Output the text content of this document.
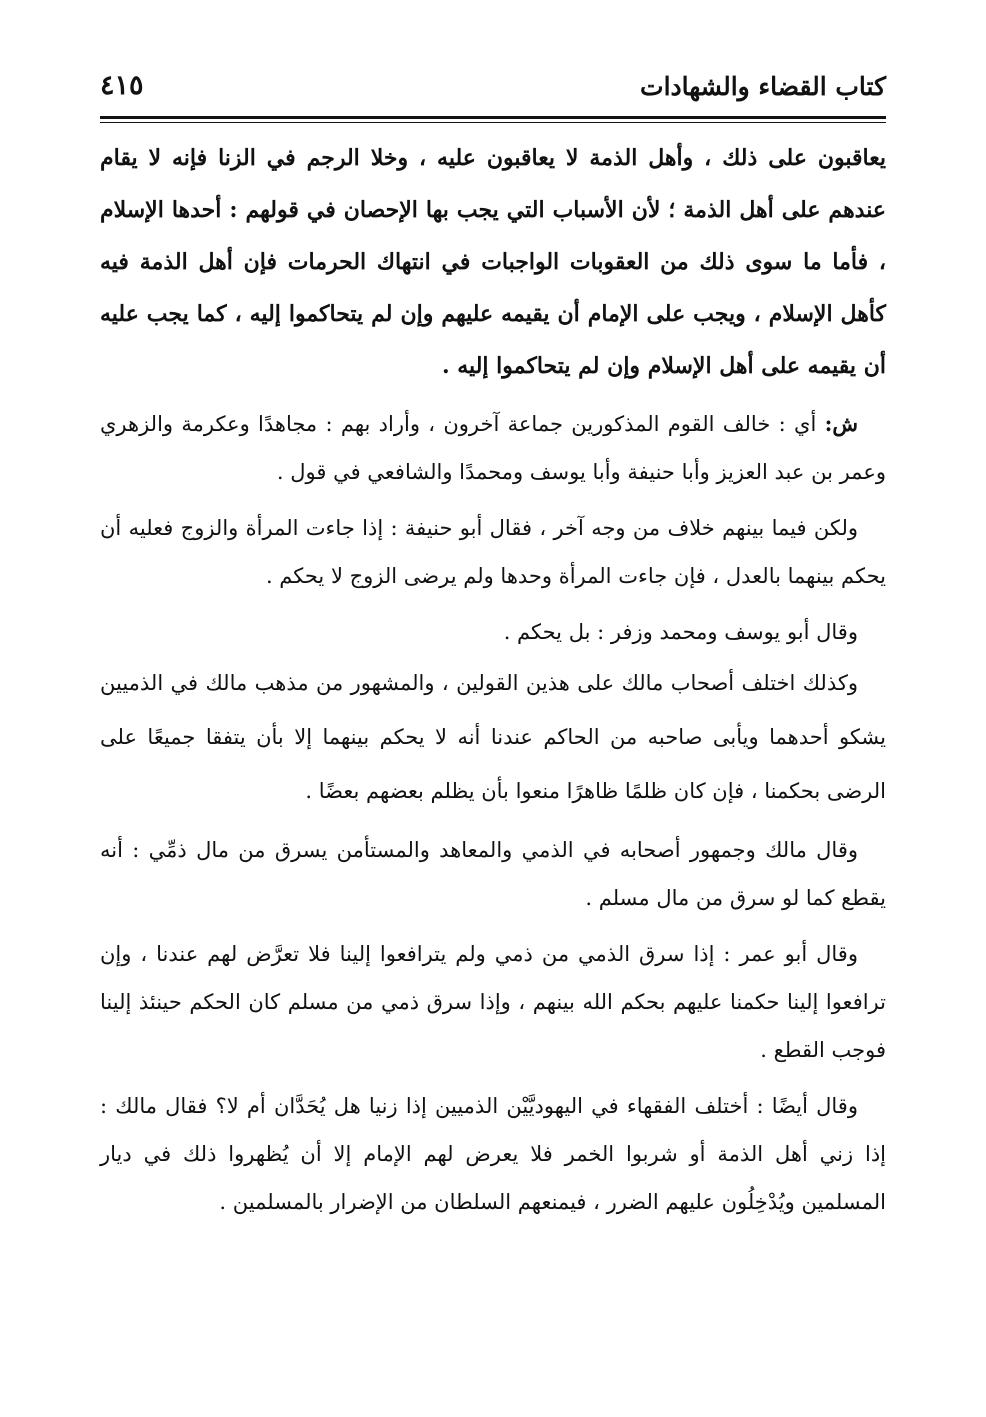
كتاب القضاء والشهادات
٤١٥

يعاقبون على ذلك ، وأهل الذمة لا يعاقبون عليه ، وخلا الرجم في الزنا فإنه لا يقام عندهم على أهل الذمة ؛ لأن الأسباب التي يجب بها الإحصان في قولهم : أحدها الإسلام ، فأما ما سوى ذلك من العقوبات الواجبات في انتهاك الحرمات فإن أهل الذمة فيه كأهل الإسلام ، ويجب على الإمام أن يقيمه عليهم وإن لم يتحاكموا إليه ، كما يجب عليه أن يقيمه على أهل الإسلام وإن لم يتحاكموا إليه .

ش: أي : خالف القوم المذكورين جماعة آخرون ، وأراد بهم : مجاهدًا وعكرمة والزهري وعمر بن عبد العزيز وأبا حنيفة وأبا يوسف ومحمدًا والشافعي في قول .

ولكن فيما بينهم خلاف من وجه آخر ، فقال أبو حنيفة : إذا جاءت المرأة والزوج فعليه أن يحكم بينهما بالعدل ، فإن جاءت المرأة وحدها ولم يرضى الزوج لا يحكم .

وقال أبو يوسف ومحمد وزفر : بل يحكم .

وكذلك اختلف أصحاب مالك على هذين القولين ، والمشهور من مذهب مالك في الذميين يشكو أحدهما ويأبى صاحبه من الحاكم عندنا أنه لا يحكم بينهما إلا بأن يتفقا جميعًا على الرضى بحكمنا ، فإن كان ظلمًا ظاهرًا منعوا بأن يظلم بعضهم بعضًا .

وقال مالك وجمهور أصحابه في الذمي والمعاهد والمستأمن يسرق من مال ذمِّي : أنه يقطع كما لو سرق من مال مسلم .

وقال أبو عمر : إذا سرق الذمي من ذمي ولم يترافعوا إلينا فلا تعرَّض لهم عندنا ، وإن ترافعوا إلينا حكمنا عليهم بحكم الله بينهم ، وإذا سرق ذمي من مسلم كان الحكم حينئذ إلينا فوجب القطع .

وقال أيضًا : أختلف الفقهاء في اليهوديَّيْن الذميين إذا زنيا هل يُحَدَّان أم لا؟ فقال مالك : إذا زني أهل الذمة أو شربوا الخمر فلا يعرض لهم الإمام إلا أن يُظهروا ذلك في ديار المسلمين ويُدْخِلُون عليهم الضرر ، فيمنعهم السلطان من الإضرار بالمسلمين .
